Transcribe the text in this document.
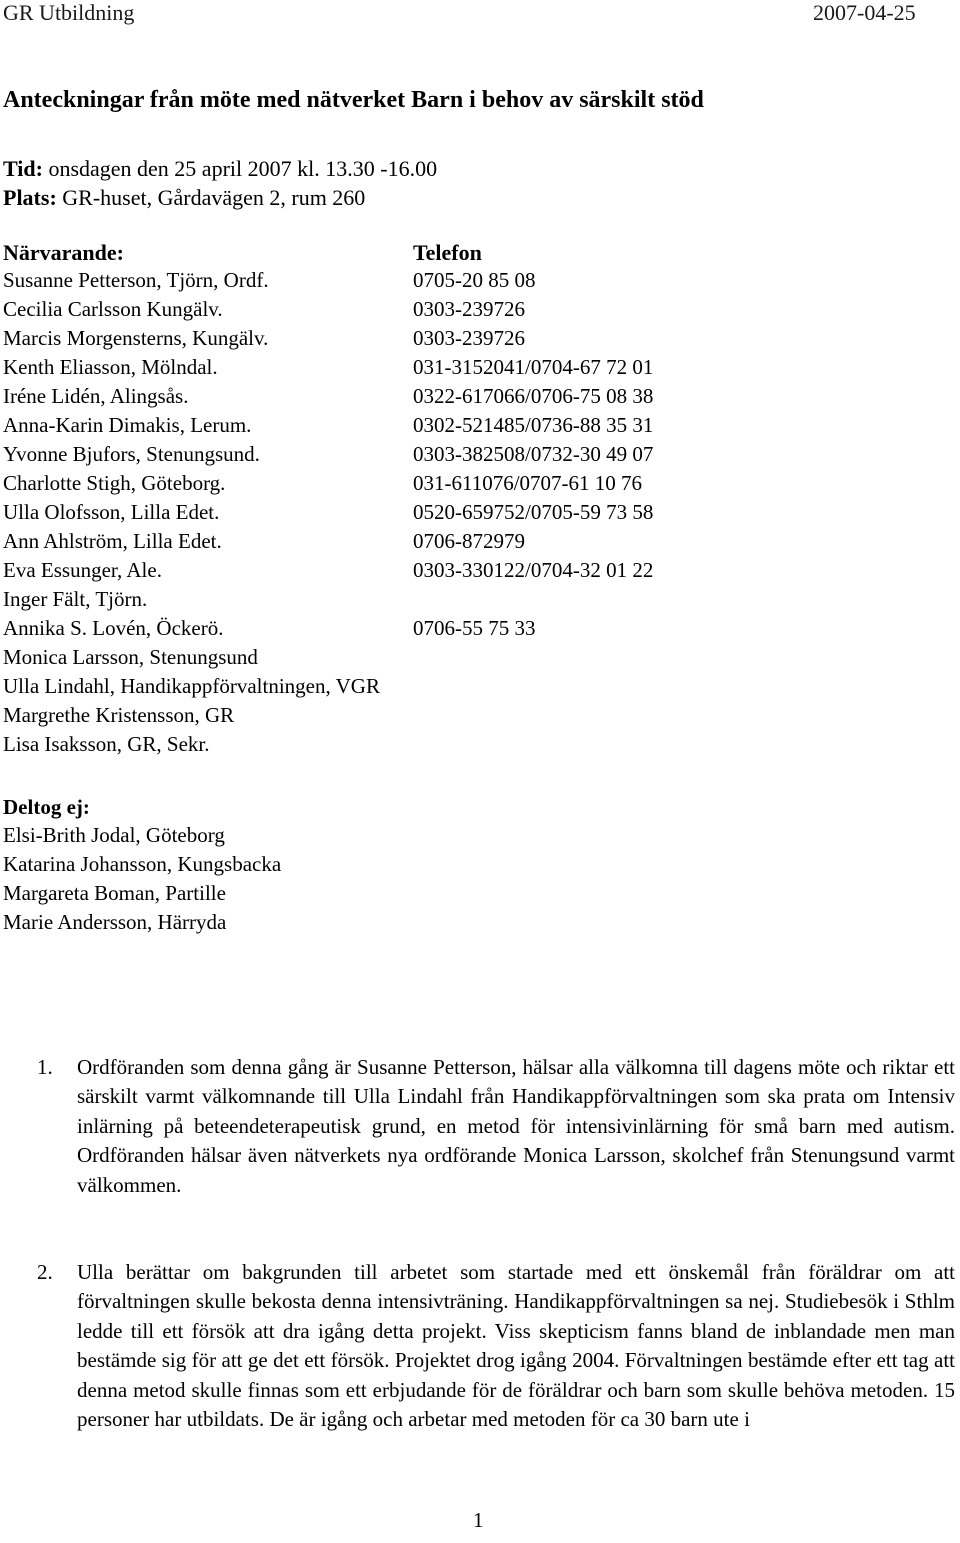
GR Utbildning	2007-04-25
Anteckningar från möte med nätverket Barn i behov av särskilt stöd
Tid: onsdagen den 25 april 2007 kl. 13.30 -16.00
Plats: GR-huset, Gårdavägen 2, rum 260
Närvarande:	Telefon
Susanne Petterson, Tjörn, Ordf.	0705-20 85 08
Cecilia Carlsson Kungälv.	0303-239726
Marcis Morgensterns, Kungälv.	0303-239726
Kenth Eliasson, Mölndal.	031-3152041/0704-67 72 01
Iréne Lidén, Alingsås.	0322-617066/0706-75 08 38
Anna-Karin Dimakis, Lerum.	0302-521485/0736-88 35 31
Yvonne Bjufors, Stenungsund.	0303-382508/0732-30 49 07
Charlotte Stigh, Göteborg.	031-611076/0707-61 10 76
Ulla Olofsson, Lilla Edet.	0520-659752/0705-59 73 58
Ann Ahlström, Lilla Edet.	0706-872979
Eva Essunger, Ale.	0303-330122/0704-32 01 22
Inger Fält, Tjörn.
Annika S. Lovén, Öckerö.	0706-55 75 33
Monica Larsson, Stenungsund
Ulla Lindahl, Handikappförvaltningen, VGR
Margrethe Kristensson, GR
Lisa Isaksson, GR, Sekr.
Deltog ej:
Elsi-Brith Jodal, Göteborg
Katarina Johansson, Kungsbacka
Margareta Boman, Partille
Marie Andersson, Härryda
1. Ordföranden som denna gång är Susanne Petterson, hälsar alla välkomna till dagens möte och riktar ett särskilt varmt välkomnande till Ulla Lindahl från Handikappförvaltningen som ska prata om Intensiv inlärning på beteendeterapeutisk grund, en metod för intensivinlärning för små barn med autism. Ordföranden hälsar även nätverkets nya ordförande Monica Larsson, skolchef från Stenungsund varmt välkommen.
2. Ulla berättar om bakgrunden till arbetet som startade med ett önskemål från föräldrar om att förvaltningen skulle bekosta denna intensivträning. Handikappförvaltningen sa nej. Studiebesök i Sthlm ledde till ett försök att dra igång detta projekt. Viss skepticism fanns bland de inblandade men man bestämde sig för att ge det ett försök. Projektet drog igång 2004. Förvaltningen bestämde efter ett tag att denna metod skulle finnas som ett erbjudande för de föräldrar och barn som skulle behöva metoden. 15 personer har utbildats. De är igång och arbetar med metoden för ca 30 barn ute i
1
